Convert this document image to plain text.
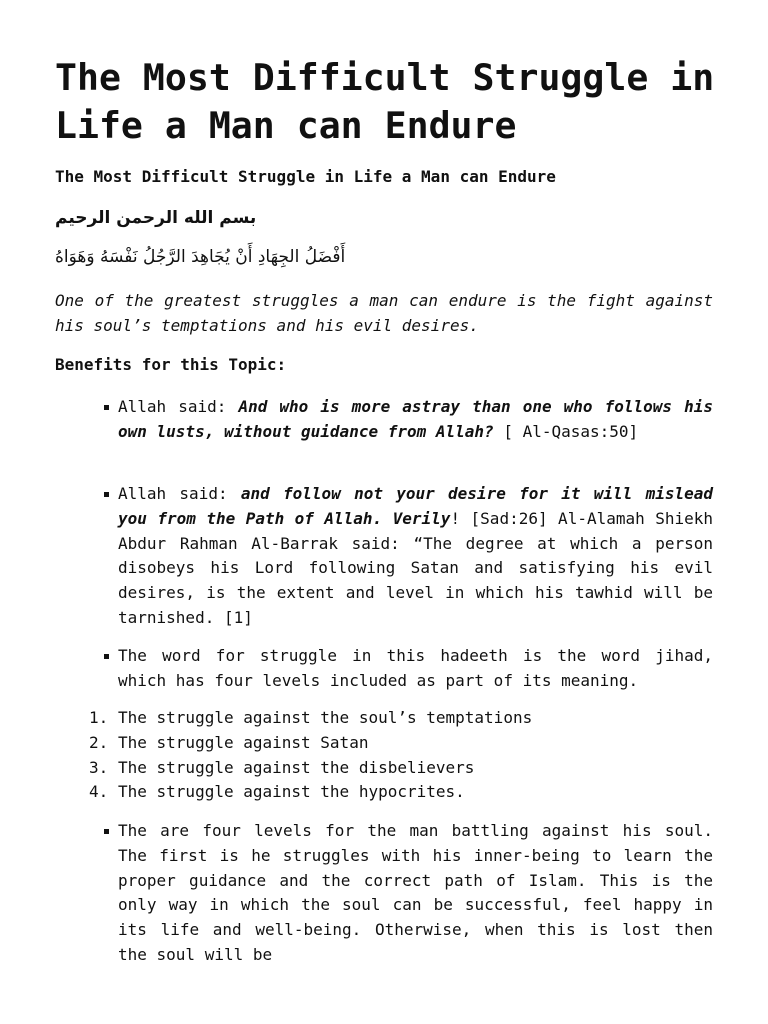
The Most Difficult Struggle in Life a Man can Endure
The Most Difficult Struggle in Life a Man can Endure
بسم الله الرحمن الرحيم
أَفْضَلُ الجِهَادِ أَنْ يُجَاهِدَ الرَّجُلُ نَفْسَهُ وَهَوَاهُ
One of the greatest struggles a man can endure is the fight against his soul’s temptations and his evil desires.
Benefits for this Topic:
Allah said: And who is more astray than one who follows his own lusts, without guidance from Allah? [ Al-Qasas:50]
Allah said: and follow not your desire for it will mislead you from the Path of Allah. Verily! [Sad:26] Al-Alamah Shiekh Abdur Rahman Al-Barrak said: “The degree at which a person disobeys his Lord following Satan and satisfying his evil desires, is the extent and level in which his tawhid will be tarnished. [1]
The word for struggle in this hadeeth is the word jihad, which has four levels included as part of its meaning.
1. The struggle against the soul’s temptations
2. The struggle against Satan
3. The struggle against the disbelievers
4. The struggle against the hypocrites.
The are four levels for the man battling against his soul. The first is he struggles with his inner-being to learn the proper guidance and the correct path of Islam. This is the only way in which the soul can be successful, feel happy in its life and well-being. Otherwise, when this is lost then the soul will be
